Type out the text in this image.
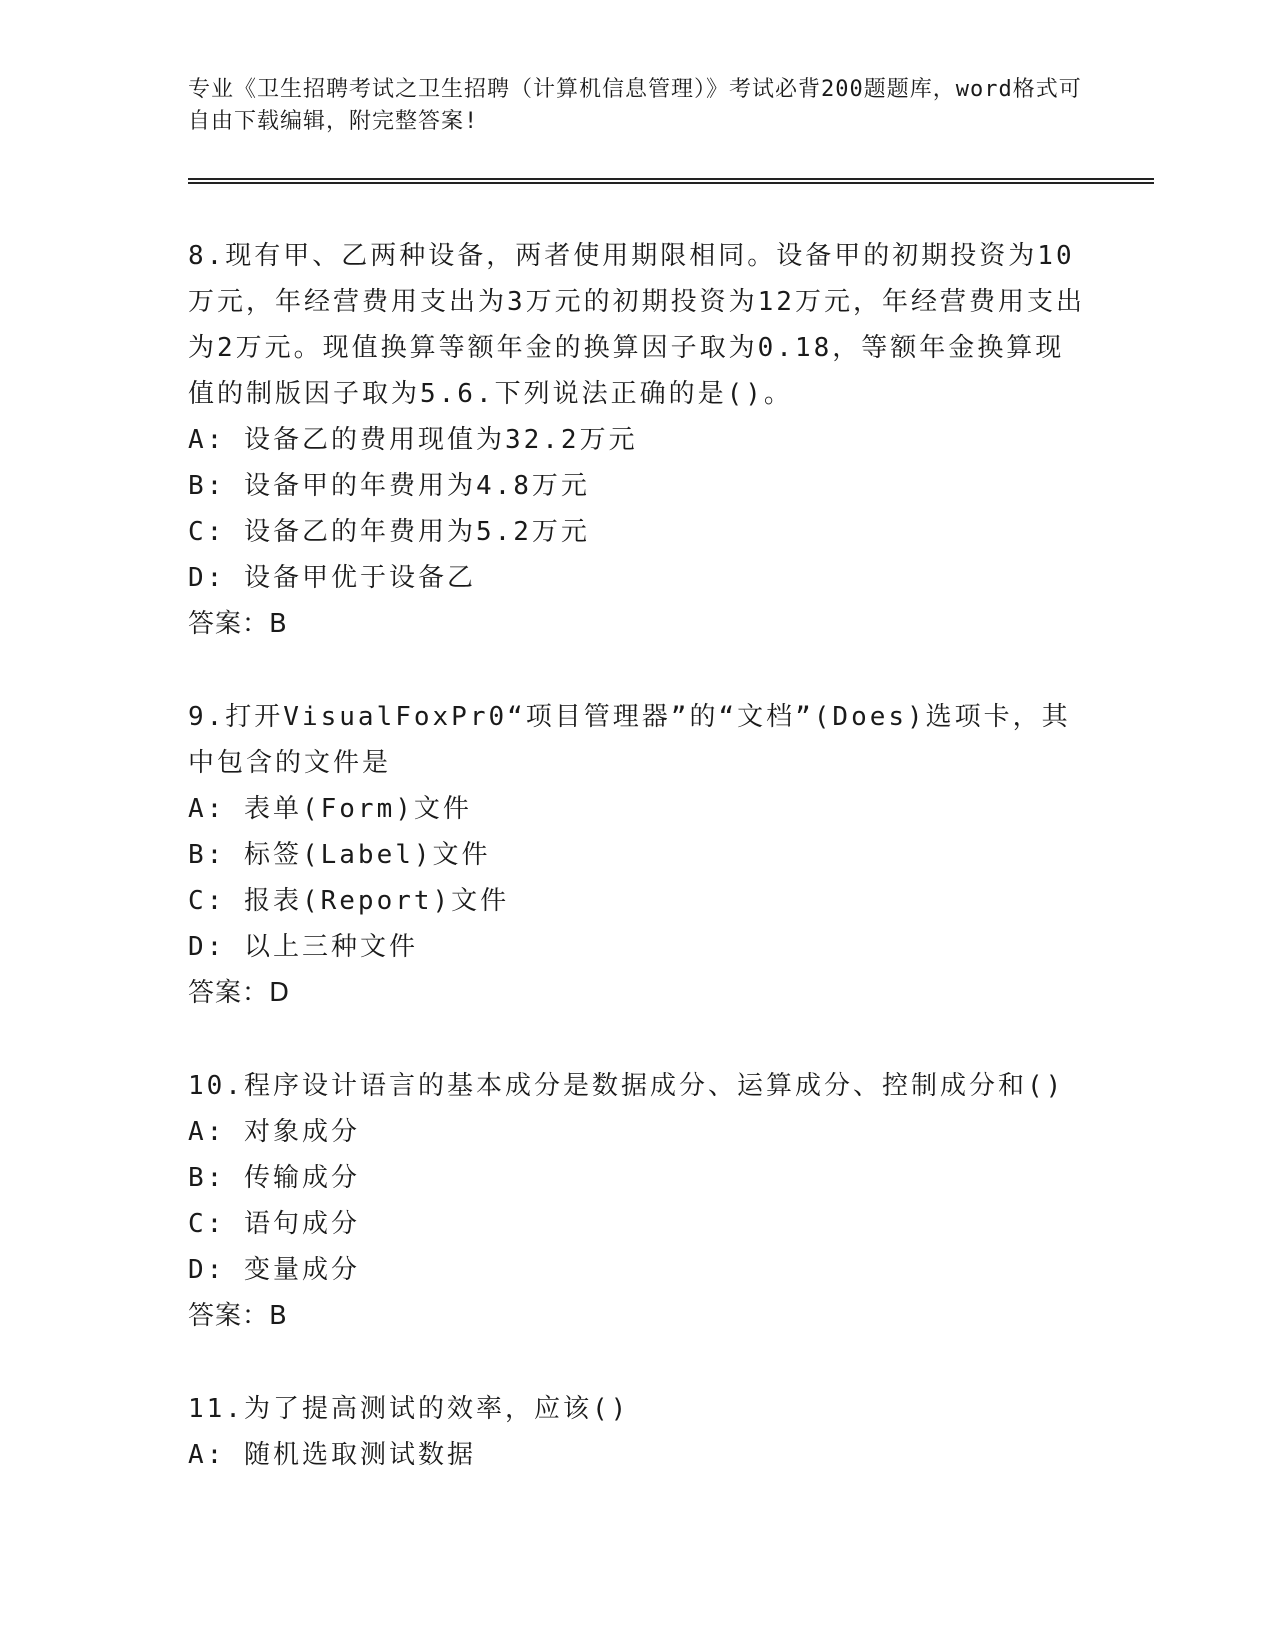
专业《卫生招聘考试之卫生招聘（计算机信息管理）》考试必背200题题库，word格式可自由下载编辑，附完整答案!
8.现有甲、乙两种设备，两者使用期限相同。设备甲的初期投资为10万元，年经营费用支出为3万元的初期投资为12万元，年经营费用支出为2万元。现值换算等额年金的换算因子取为0.18，等额年金换算现值的制版因子取为5.6.下列说法正确的是()。
A: 设备乙的费用现值为32.2万元
B: 设备甲的年费用为4.8万元
C: 设备乙的年费用为5.2万元
D: 设备甲优于设备乙
答案：B
9.打开VisualFoxPr0“项目管理器”的“文档”(Does)选项卡，其中包含的文件是
A: 表单(Form)文件
B: 标签(Label)文件
C: 报表(Report)文件
D: 以上三种文件
答案：D
10.程序设计语言的基本成分是数据成分、运算成分、控制成分和()
A: 对象成分
B: 传输成分
C: 语句成分
D: 变量成分
答案：B
11.为了提高测试的效率，应该()
A: 随机选取测试数据
